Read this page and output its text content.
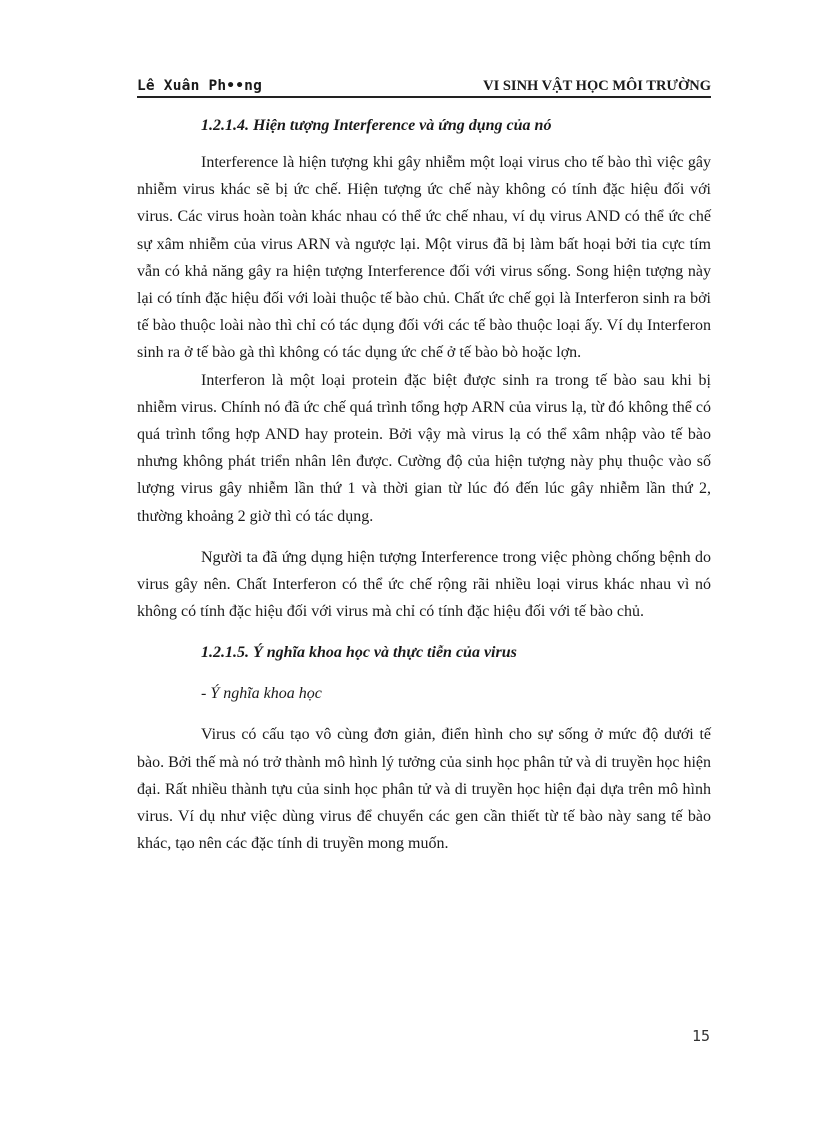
Lê Xuân Ph••ng	VI SINH VẬT HỌC MÔI TRƯỜNG

1.2.1.4. Hiện tượng Interference và ứng dụng của nó

Interference là hiện tượng khi gây nhiễm một loại virus cho tế bào thì việc gây nhiễm virus khác sẽ bị ức chế. Hiện tượng ức chế này không có tính đặc hiệu đối với virus. Các virus hoàn toàn khác nhau có thể ức chế nhau, ví dụ virus AND có thể ức chế sự xâm nhiễm của virus ARN và ngược lại. Một virus đã bị làm bất hoại bởi tia cực tím vẫn có khả năng gây ra hiện tượng Interference đối với virus sống. Song hiện tượng này lại có tính đặc hiệu đối với loài thuộc tế bào chủ. Chất ức chế gọi là Interferon sinh ra bởi tế bào thuộc loài nào thì chỉ có tác dụng đối với các tế bào thuộc loại ấy. Ví dụ Interferon sinh ra ở tế bào gà thì không có tác dụng ức chế ở tế bào bò hoặc lợn.

Interferon là một loại protein đặc biệt được sinh ra trong tế bào sau khi bị nhiễm virus. Chính nó đã ức chế quá trình tổng hợp ARN của virus lạ, từ đó không thể có quá trình tổng hợp AND hay protein. Bởi vậy mà virus lạ có thể xâm nhập vào tế bào nhưng không phát triển nhân lên được. Cường độ của hiện tượng này phụ thuộc vào số lượng virus gây nhiễm lần thứ 1 và thời gian từ lúc đó đến lúc gây nhiễm lần thứ 2, thường khoảng 2 giờ thì có tác dụng.

Người ta đã ứng dụng hiện tượng Interference trong việc phòng chống bệnh do virus gây nên. Chất Interferon có thể ức chế rộng rãi nhiều loại virus khác nhau vì nó không có tính đặc hiệu đối với virus mà chỉ có tính đặc hiệu đối với tế bào chủ.

1.2.1.5. Ý nghĩa khoa học và thực tiễn của virus

- Ý nghĩa khoa học

Virus có cấu tạo vô cùng đơn giản, điển hình cho sự sống ở mức độ dưới tế bào. Bởi thế mà nó trở thành mô hình lý tưởng của sinh học phân tử và di truyền học hiện đại. Rất nhiều thành tựu của sinh học phân tử và di truyền học hiện đại dựa trên mô hình virus. Ví dụ như việc dùng virus để chuyển các gen cần thiết từ tế bào này sang tế bào khác, tạo nên các đặc tính di truyền mong muốn.

15
